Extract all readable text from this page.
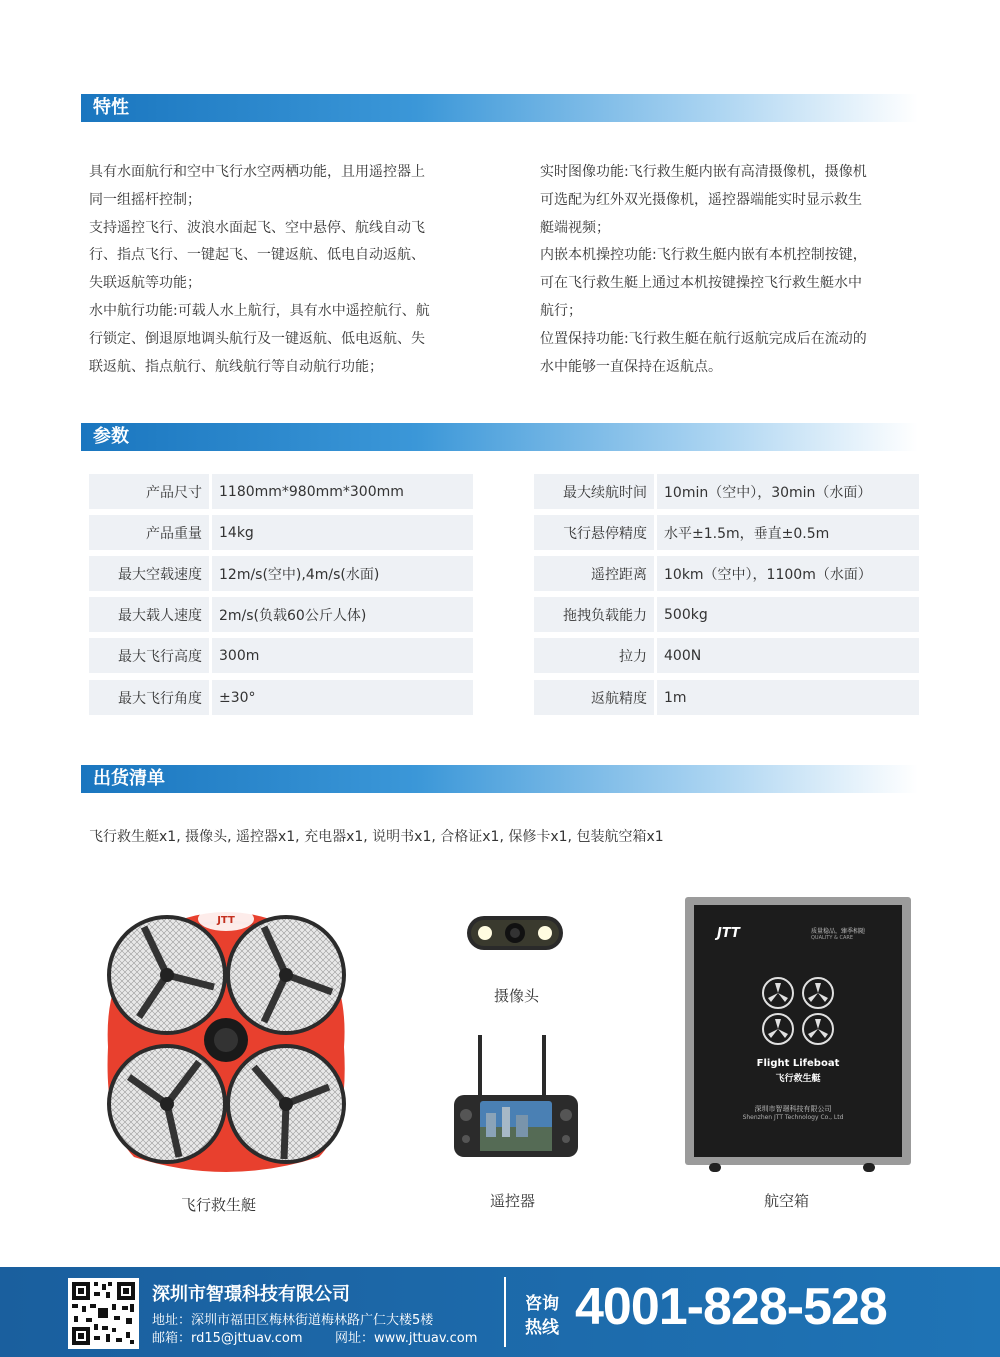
特性

具有水面航行和空中飞行水空两栖功能，且用遥控器上

同一组摇杆控制；

支持遥控飞行、波浪水面起飞、空中悬停、航线自动飞

行、指点飞行、一键起飞、一键返航、低电自动返航、

失联返航等功能；

水中航行功能:可载人水上航行，具有水中遥控航行、航

行锁定、倒退原地调头航行及一键返航、低电返航、失

联返航、指点航行、航线航行等自动航行功能；

实时图像功能:飞行救生艇内嵌有高清摄像机，摄像机

可选配为红外双光摄像机，遥控器端能实时显示救生

艇端视频；

内嵌本机操控功能:飞行救生艇内嵌有本机控制按键，

可在飞行救生艇上通过本机按键操控飞行救生艇水中

航行；

位置保持功能:飞行救生艇在航行返航完成后在流动的

水中能够一直保持在返航点。

参数
产品尺寸	1180mm*980mm*300mm
产品重量	14kg
最大空载速度	12m/s(空中),4m/s(水面)
最大载人速度	2m/s(负载60公斤人体)
最大飞行高度	300m
最大飞行角度	±30°
最大续航时间	10min（空中），30min（水面）
飞行悬停精度	水平±1.5m，垂直±0.5m
遥控距离	10km（空中），1100m（水面）
拖拽负载能力	500kg
拉力	400N
返航精度	1m
出货清单
飞行救生艇x1, 摄像头, 遥控器x1, 充电器x1, 说明书x1, 合格证x1, 保修卡x1, 包装航空箱x1
JTT
飞行救生艇
摄像头
遥控器
JTT	质量稳品，臻季相随
QUALITY & CARE
Flight Lifeboat
飞行救生艇
深圳市智璟科技有限公司
Shenzhen JTT Technology Co., Ltd
航空箱
深圳市智璟科技有限公司
地址：深圳市福田区梅林街道梅林路广仁大楼5楼
邮箱：rd15@jttuav.com 网址：www.jttuav.com
咨询
热线 4001-828-528
